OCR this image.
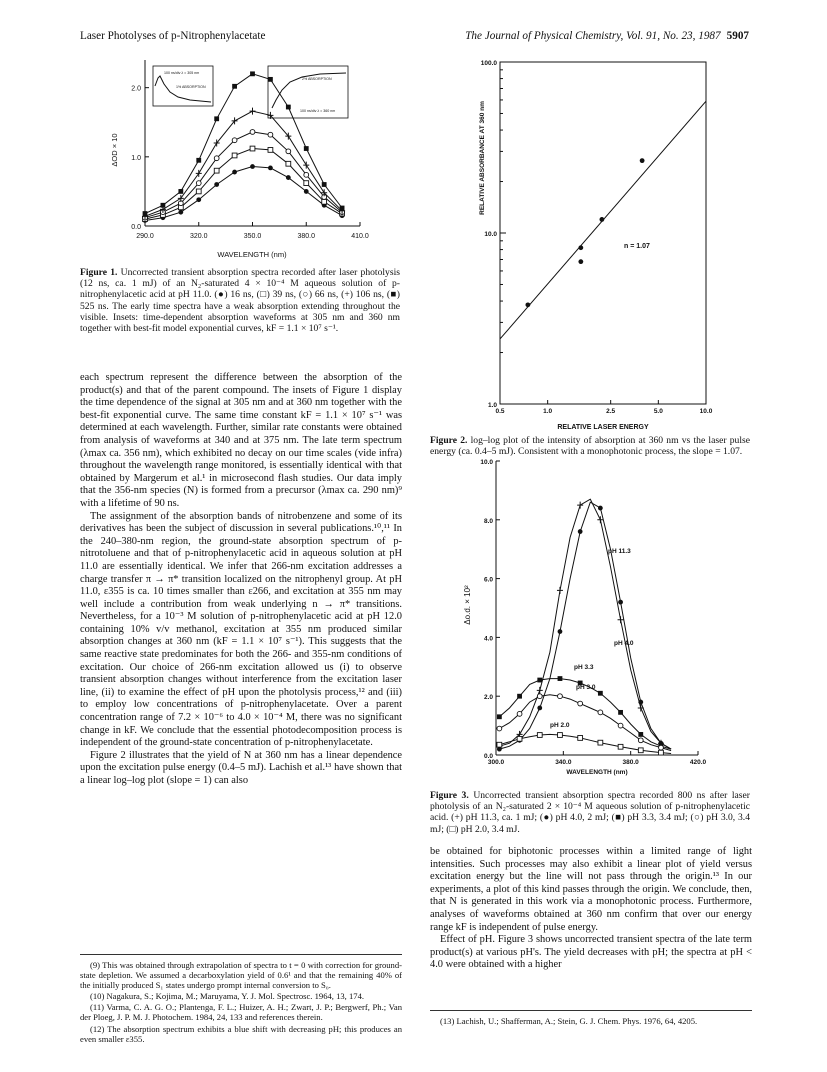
Laser Photolyses of p-Nitrophenylacetate	The Journal of Physical Chemistry, Vol. 91, No. 23, 1987 5907
100 ns/div λ = 305 nm
1% ABSORPTION
2% ABSORPTION
100 ns/div λ = 360 nm
290.0	320.0	350.0	380.0	410.0
0.0
1.0
2.0
WAVELENGTH (nm)
ΔOD × 10
Figure 1. Uncorrected transient absorption spectra recorded after laser photolysis (12 ns, ca. 1 mJ) of an N₂-saturated 4 × 10⁻⁴ M aqueous solution of p-nitrophenylacetic acid at pH 11.0. (●) 16 ns, (□) 39 ns, (○) 66 ns, (+) 106 ns, (■) 525 ns. The early time spectra have a weak absorption extending throughout the visible. Insets: time-dependent absorption waveforms at 305 nm and 360 nm together with best-fit model exponential curves, kF = 1.1 × 10⁷ s⁻¹.

each spectrum represent the difference between the absorption of the product(s) and that of the parent compound. The insets of Figure 1 display the time dependence of the signal at 305 nm and at 360 nm together with the best-fit exponential curve. The same time constant kF = 1.1 × 10⁷ s⁻¹ was determined at each wavelength. Further, similar rate constants were obtained from analysis of waveforms at 340 and at 375 nm. The late term spectrum (λmax ca. 356 nm), which exhibited no decay on our time scales (vide infra) throughout the wavelength range monitored, is essentially identical with that obtained by Margerum et al.¹ in microsecond flash studies. Our data imply that the 356-nm species (N) is formed from a precursor (λmax ca. 290 nm)⁹ with a lifetime of 90 ns.

The assignment of the absorption bands of nitrobenzene and some of its derivatives has been the subject of discussion in several publications.¹⁰,¹¹ In the 240–380-nm region, the ground-state absorption spectrum of p-nitrotoluene and that of p-nitrophenylacetic acid in aqueous solution at pH 11.0 are essentially identical. We infer that 266-nm excitation addresses a charge transfer π → π* transition localized on the nitrophenyl group. At pH 11.0, ε355 is ca. 10 times smaller than ε266, and excitation at 355 nm may well include a contribution from weak underlying n → π* transitions. Nevertheless, for a 10⁻³ M solution of p-nitrophenylacetic acid at pH 12.0 containing 10% v/v methanol, excitation at 355 nm produced similar absorption changes at 360 nm (kF = 1.1 × 10⁷ s⁻¹). This suggests that the same reactive state predominates for both the 266- and 355-nm conditions of excitation. Our choice of 266-nm excitation allowed us (i) to observe transient absorption changes without interference from the excitation laser line, (ii) to examine the effect of pH upon the photolysis process,¹² and (iii) to employ low concentrations of p-nitrophenylacetate. Over a parent concentration range of 7.2 × 10⁻⁶ to 4.0 × 10⁻⁴ M, there was no significant change in kF. We conclude that the essential photodecomposition process is independent of the ground-state concentration of p-nitrophenylacetate.

Figure 2 illustrates that the yield of N at 360 nm has a linear dependence upon the excitation pulse energy (0.4–5 mJ). Lachish et al.¹³ have shown that a linear log–log plot (slope = 1) can also

(9) This was obtained through extrapolation of spectra to t = 0 with correction for ground-state depletion. We assumed a decarboxylation yield of 0.6¹ and that the remaining 40% of the initially produced S₁ states undergo prompt internal conversion to S₀.

(10) Nagakura, S.; Kojima, M.; Maruyama, Y. J. Mol. Spectrosc. 1964, 13, 174.

(11) Varma, C. A. G. O.; Plantenga, F. L.; Huizer, A. H.; Zwart, J. P.; Bergwerf, Ph.; Van der Ploeg, J. P. M. J. Photochem. 1984, 24, 133 and references therein.

(12) The absorption spectrum exhibits a blue shift with decreasing pH; this produces an even smaller ε355.

0.5	1.0	2.5	5.0	10.0
1.0
10.0
100.0
n = 1.07
RELATIVE ABSORBANCE AT 360 nm
RELATIVE LASER ENERGY
Figure 2. log–log plot of the intensity of absorption at 360 nm vs the laser pulse energy (ca. 0.4–5 mJ). Consistent with a monophotonic process, the slope = 1.07.
300.0	340.0	380.0	420.0
0.0
2.0
4.0
6.0
8.0
10.0
pH 11.3
pH 4.0
pH 3.3
pH 3.0
pH 2.0
Δo.d. × 10²
WAVELENGTH (nm)
Figure 3. Uncorrected transient absorption spectra recorded 800 ns after laser photolysis of an N₂-saturated 2 × 10⁻⁴ M aqueous solution of p-nitrophenylacetic acid. (+) pH 11.3, ca. 1 mJ; (●) pH 4.0, 2 mJ; (■) pH 3.3, 3.4 mJ; (○) pH 3.0, 3.4 mJ; (□) pH 2.0, 3.4 mJ.

be obtained for biphotonic processes within a limited range of light intensities. Such processes may also exhibit a linear plot of yield versus excitation energy but the line will not pass through the origin.¹³ In our experiments, a plot of this kind passes through the origin. We conclude, then, that N is generated in this work via a monophotonic process. Furthermore, analyses of waveforms obtained at 360 nm confirm that over our energy range kF is independent of pulse energy.

Effect of pH. Figure 3 shows uncorrected transient spectra of the late term product(s) at various pH's. The yield decreases with pH; the spectra at pH < 4.0 were obtained with a higher

(13) Lachish, U.; Shafferman, A.; Stein, G. J. Chem. Phys. 1976, 64, 4205.
